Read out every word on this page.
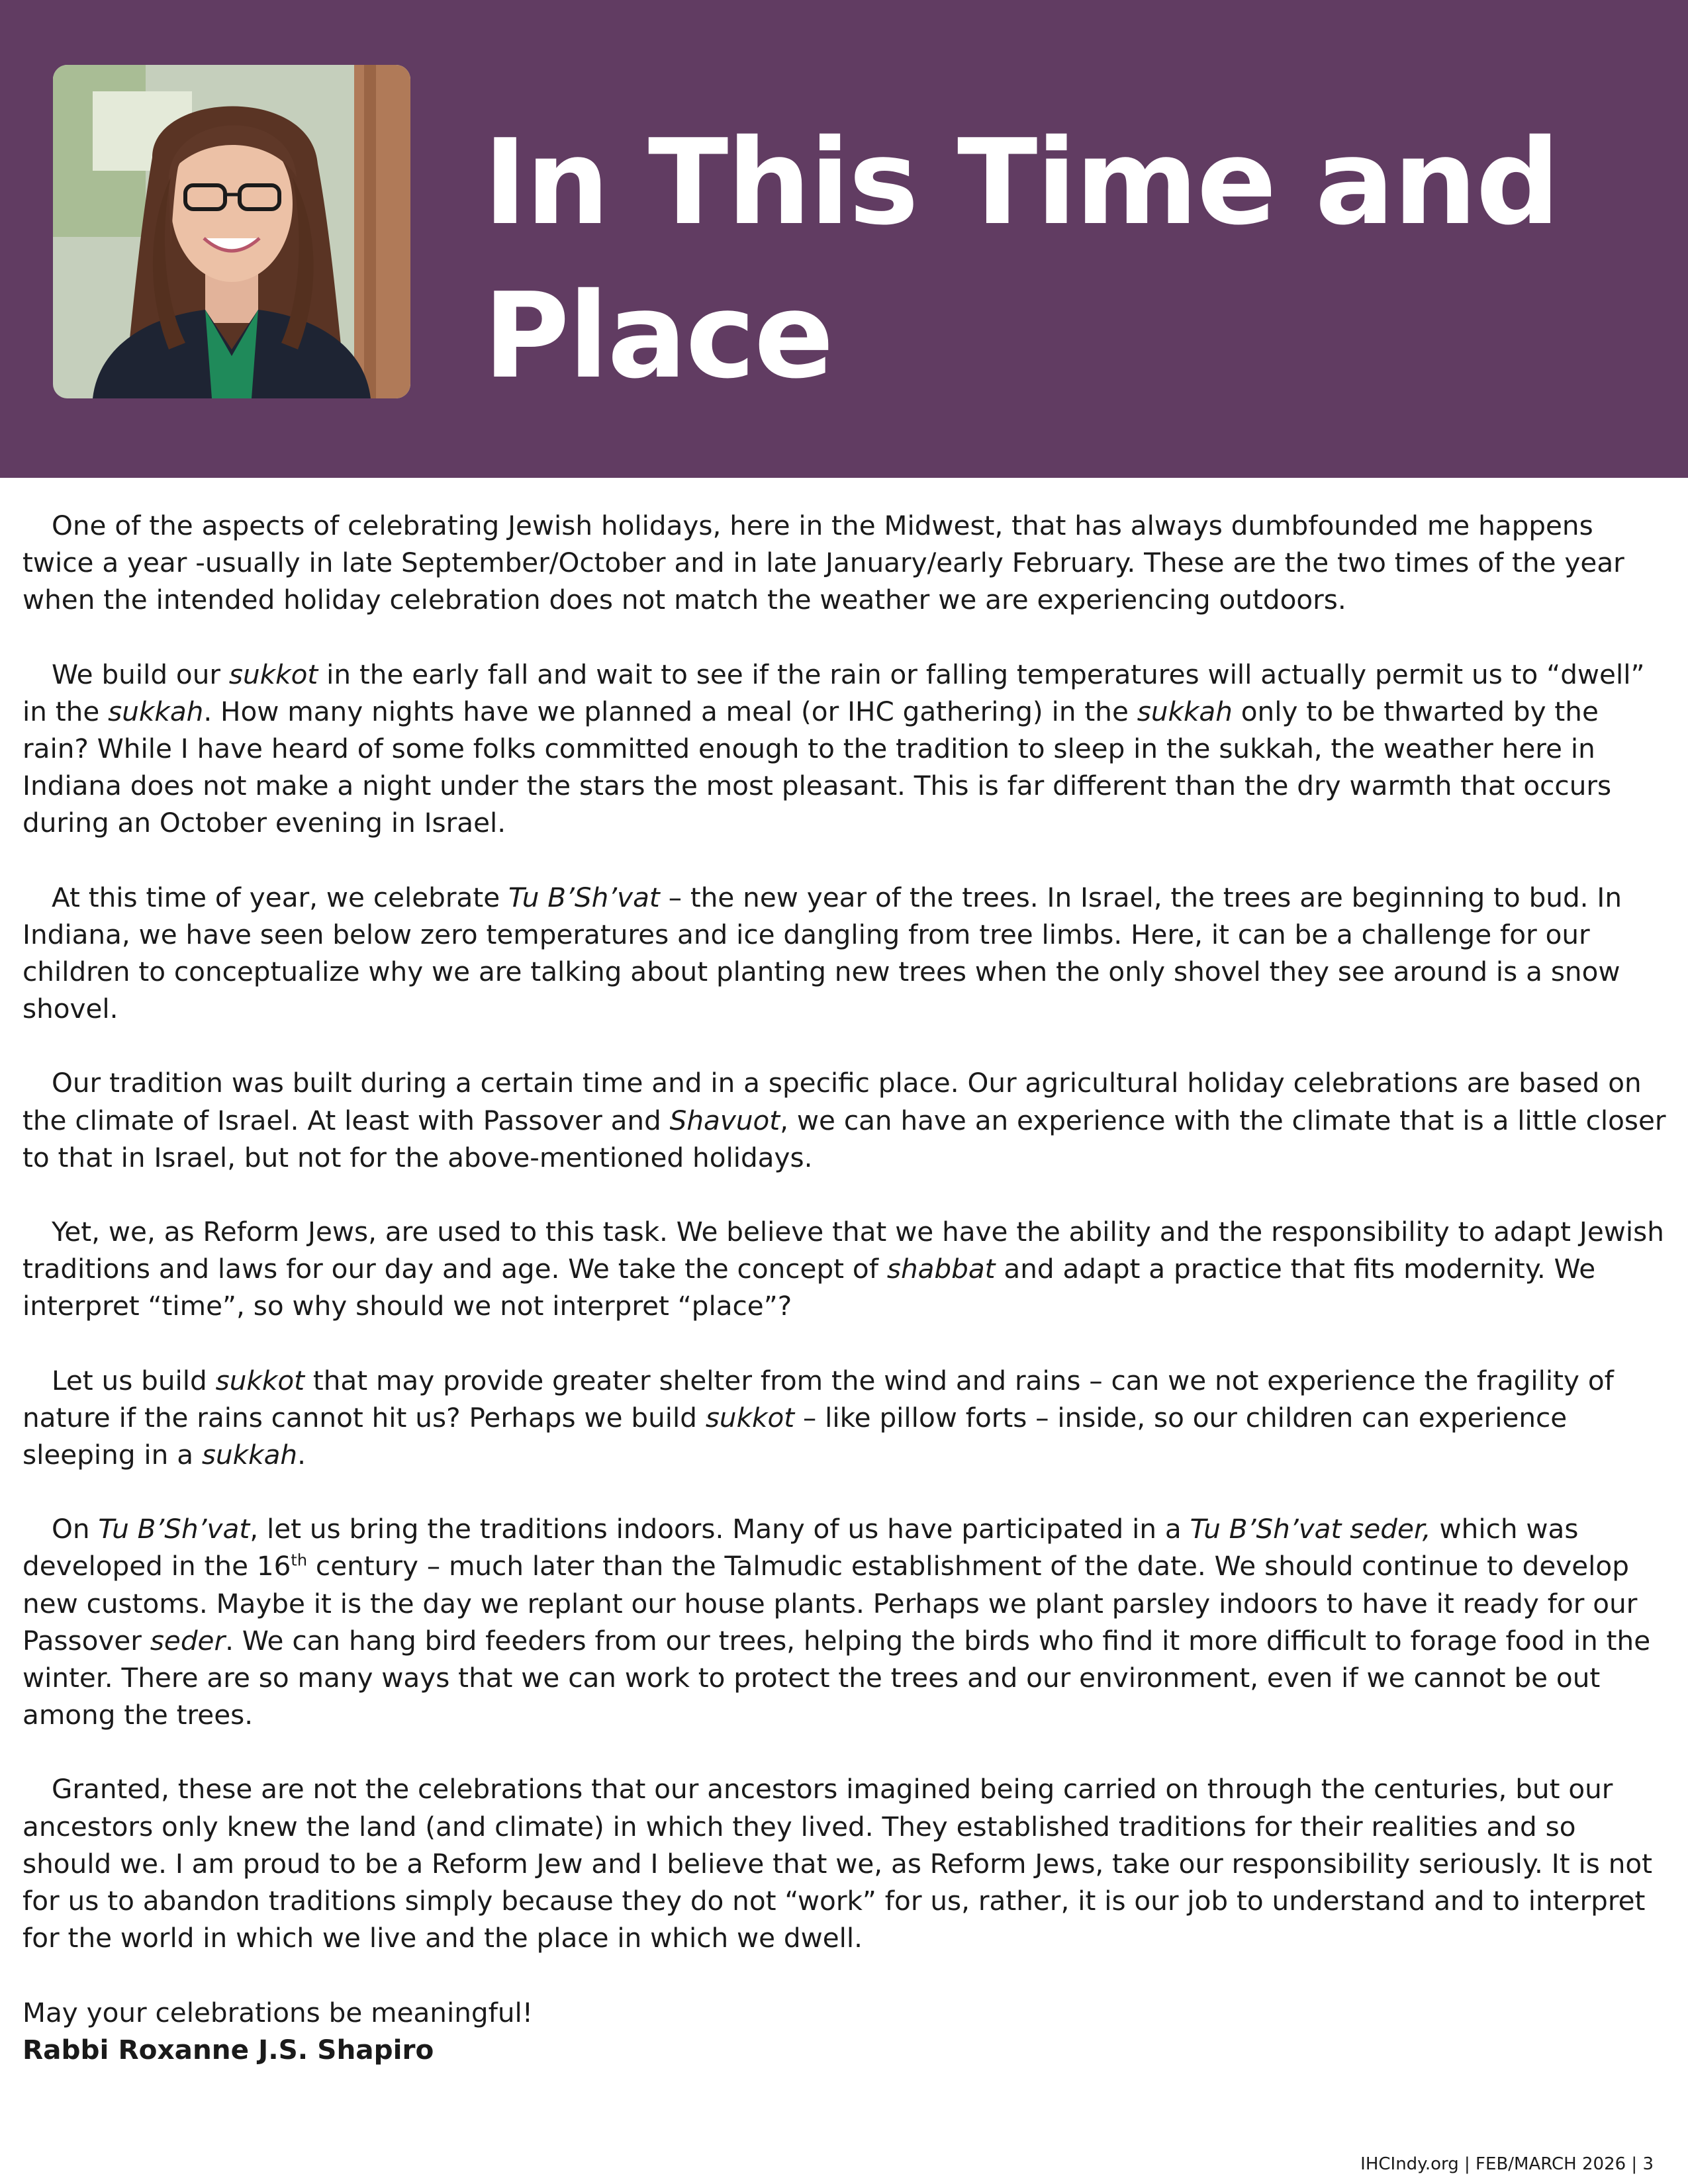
In This Time and Place

One of the aspects of celebrating Jewish holidays, here in the Midwest, that has always dumbfounded me happens twice a year -usually in late September/October and in late January/early February. These are the two times of the year when the intended holiday celebration does not match the weather we are experiencing outdoors.

We build our sukkot in the early fall and wait to see if the rain or falling temperatures will actually permit us to “dwell” in the sukkah. How many nights have we planned a meal (or IHC gathering) in the sukkah only to be thwarted by the rain? While I have heard of some folks committed enough to the tradition to sleep in the sukkah, the weather here in Indiana does not make a night under the stars the most pleasant. This is far different than the dry warmth that occurs during an October evening in Israel.

At this time of year, we celebrate Tu B’Sh’vat – the new year of the trees. In Israel, the trees are beginning to bud. In Indiana, we have seen below zero temperatures and ice dangling from tree limbs. Here, it can be a challenge for our children to conceptualize why we are talking about planting new trees when the only shovel they see around is a snow shovel.

Our tradition was built during a certain time and in a specific place. Our agricultural holiday celebrations are based on the climate of Israel. At least with Passover and Shavuot, we can have an experience with the climate that is a little closer to that in Israel, but not for the above-mentioned holidays.

Yet, we, as Reform Jews, are used to this task. We believe that we have the ability and the responsibility to adapt Jewish traditions and laws for our day and age. We take the concept of shabbat and adapt a practice that fits modernity. We interpret “time”, so why should we not interpret “place”?

Let us build sukkot that may provide greater shelter from the wind and rains – can we not experience the fragility of nature if the rains cannot hit us? Perhaps we build sukkot – like pillow forts – inside, so our children can experience sleeping in a sukkah.

On Tu B’Sh’vat, let us bring the traditions indoors. Many of us have participated in a Tu B’Sh’vat seder, which was developed in the 16th century – much later than the Talmudic establishment of the date. We should continue to develop new customs. Maybe it is the day we replant our house plants. Perhaps we plant parsley indoors to have it ready for our Passover seder. We can hang bird feeders from our trees, helping the birds who find it more difficult to forage food in the winter. There are so many ways that we can work to protect the trees and our environment, even if we cannot be out among the trees.

Granted, these are not the celebrations that our ancestors imagined being carried on through the centuries, but our ancestors only knew the land (and climate) in which they lived. They established traditions for their realities and so should we. I am proud to be a Reform Jew and I believe that we, as Reform Jews, take our responsibility seriously. It is not for us to abandon traditions simply because they do not “work” for us, rather, it is our job to understand and to interpret for the world in which we live and the place in which we dwell.

May your celebrations be meaningful!

Rabbi Roxanne J.S. Shapiro

IHCIndy.org | FEB/MARCH 2026 | 3
